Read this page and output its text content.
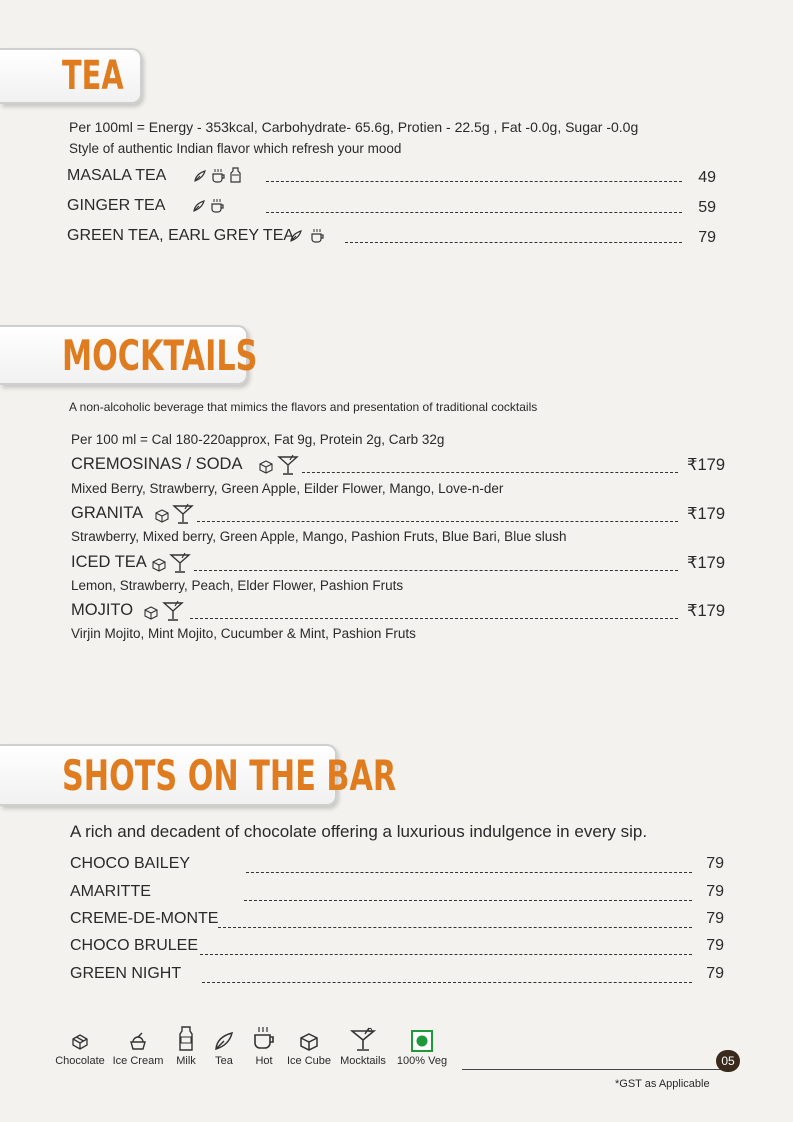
TEA
Per 100ml = Energy - 353kcal, Carbohydrate- 65.6g, Protien - 22.5g , Fat -0.0g, Sugar -0.0g
Style of authentic Indian flavor which refresh your mood
MASALA TEA	49
GINGER TEA	59
GREEN TEA, EARL GREY TEA	79
MOCKTAILS
A non-alcoholic beverage that mimics the flavors and presentation of traditional cocktails
Per 100 ml = Cal 180-220approx, Fat 9g, Protein 2g, Carb 32g
CREMOSINAS / SODA	₹179
Mixed Berry, Strawberry, Green Apple, Eilder Flower, Mango, Love-n-der
GRANITA	₹179
Strawberry, Mixed berry, Green Apple, Mango, Pashion Fruts, Blue Bari, Blue slush
ICED TEA	₹179
Lemon, Strawberry, Peach, Elder Flower, Pashion Fruts
MOJITO	₹179
Virjin Mojito, Mint Mojito, Cucumber & Mint, Pashion Fruts
SHOTS ON THE BAR
A rich and decadent of chocolate offering a luxurious indulgence in every sip.
CHOCO BAILEY	79
AMARITTE	79
CREME-DE-MONTE	79
CHOCO BRULEE	79
GREEN NIGHT	79
Chocolate Ice Cream	Milk	Tea	Hot	Ice Cube Mocktails 100% Veg	05
*GST as Applicable
